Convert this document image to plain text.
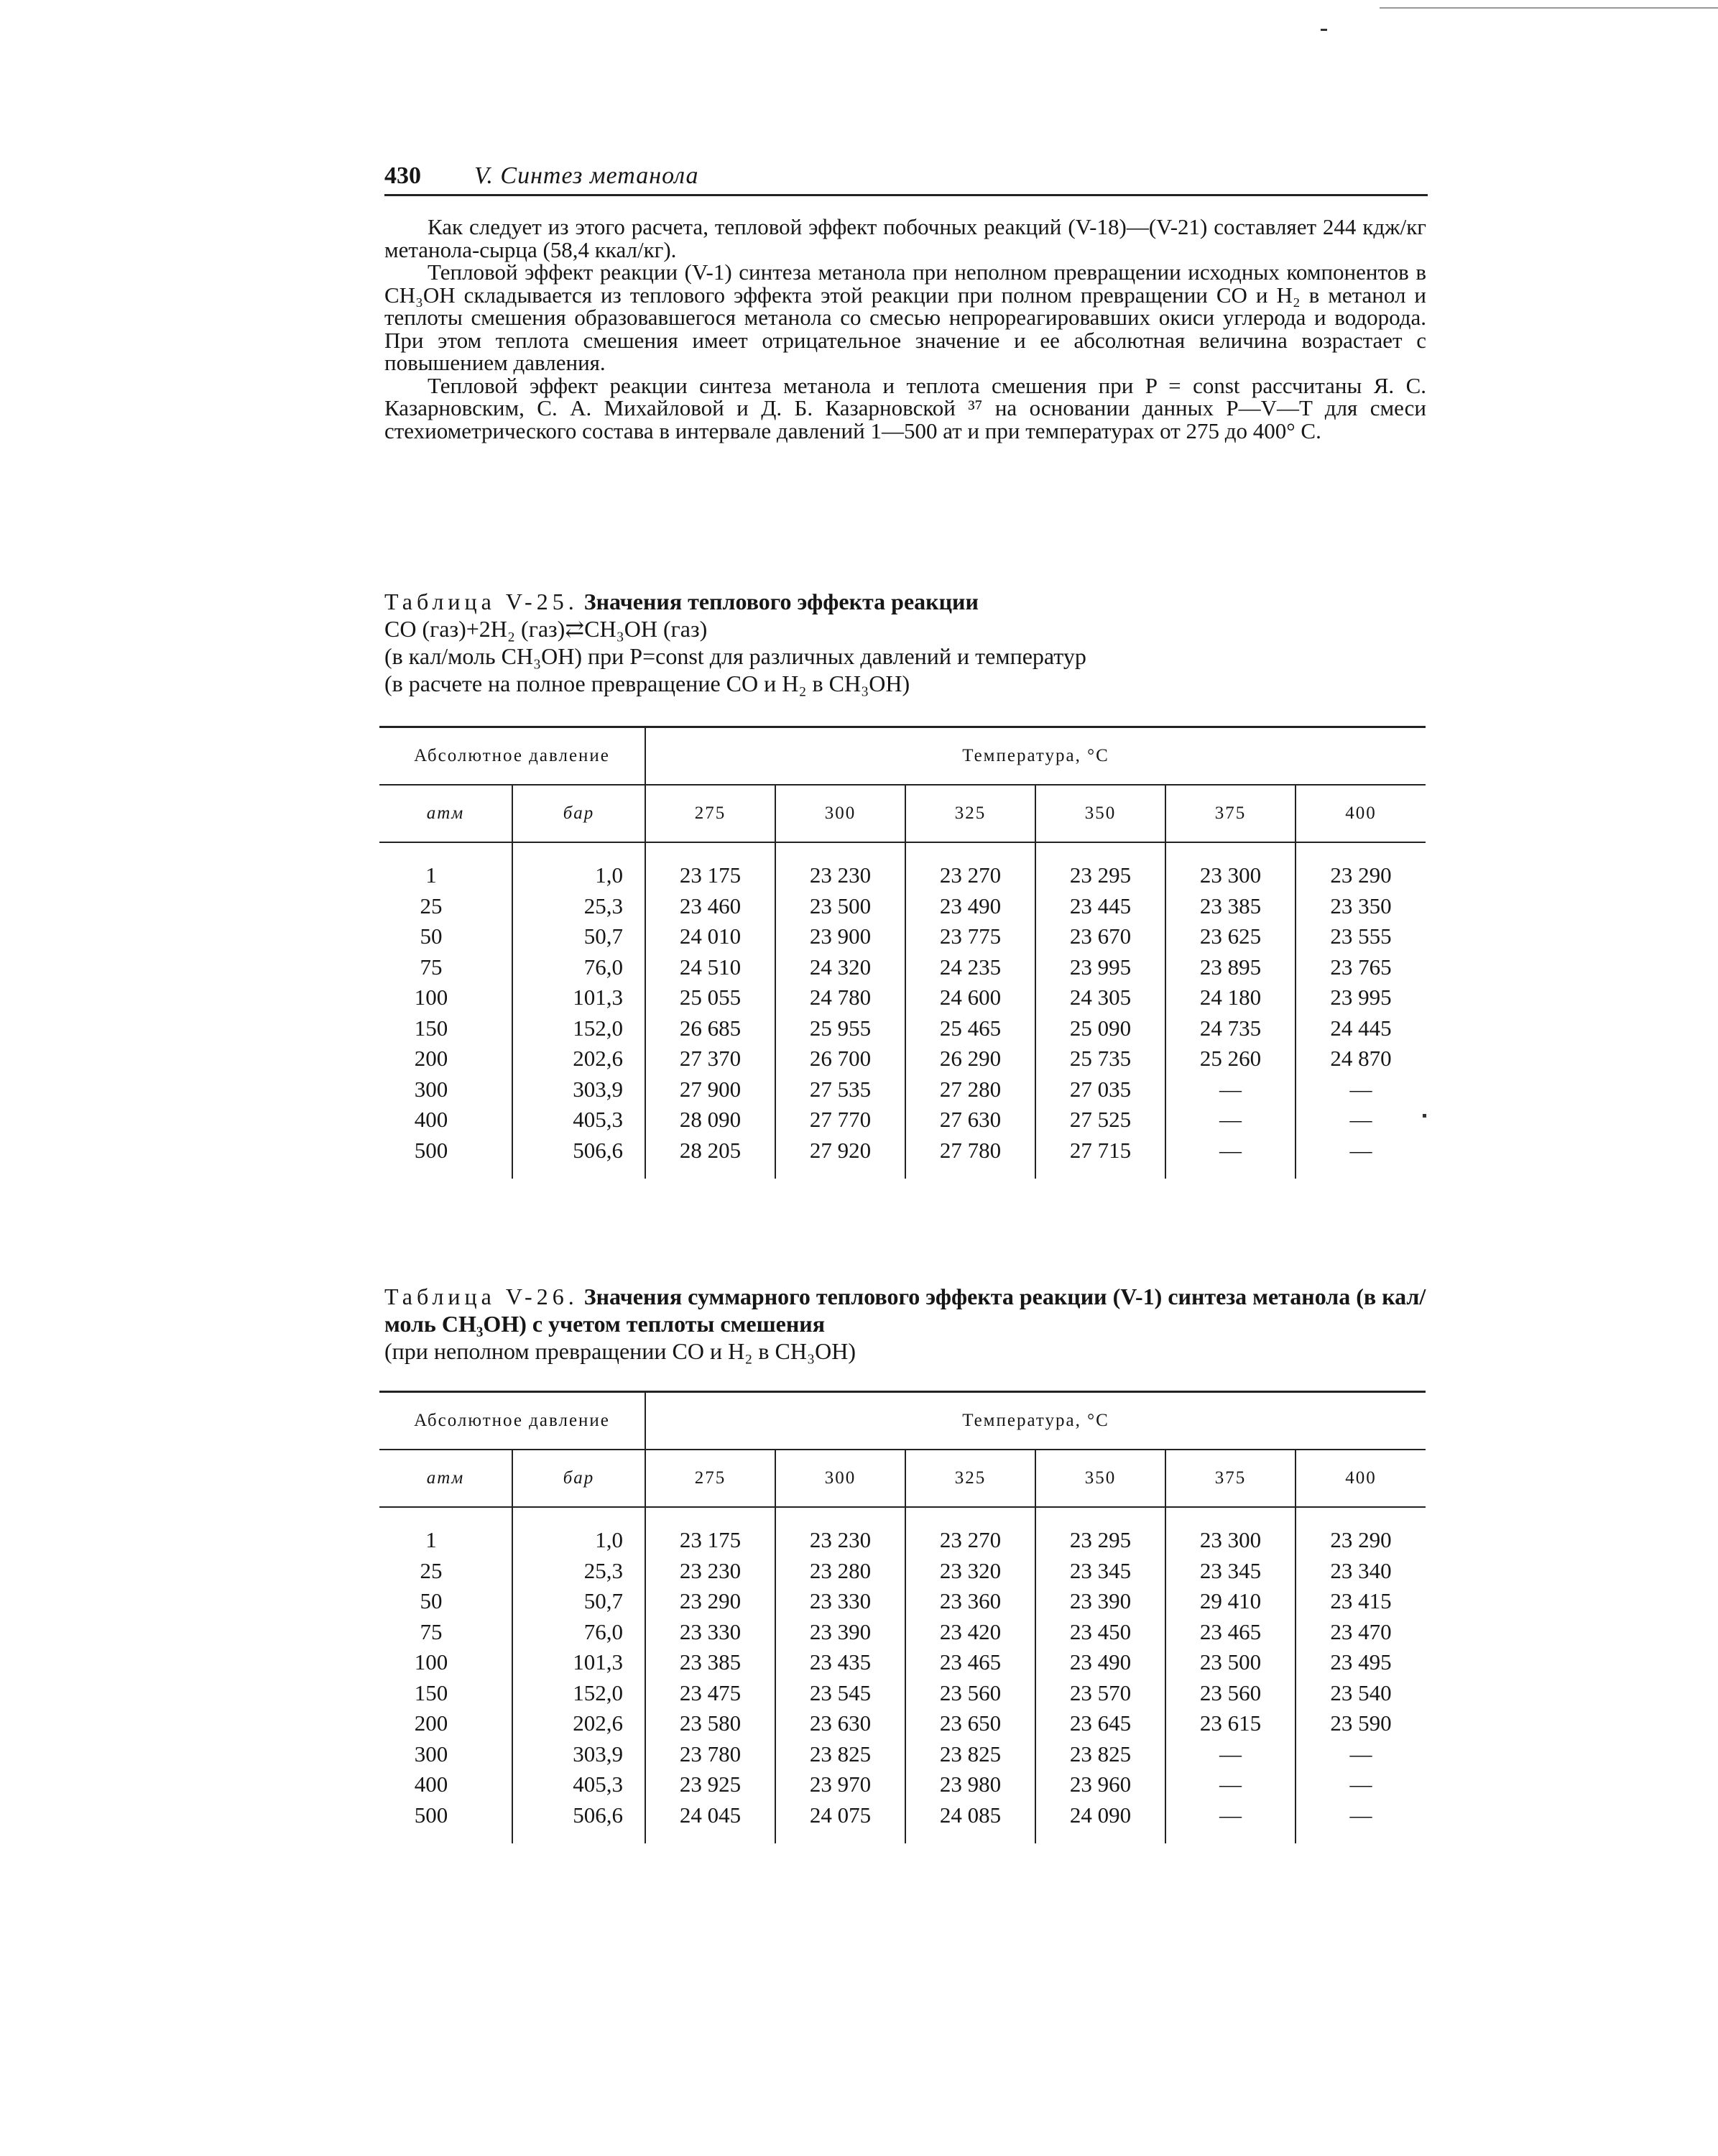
430 V. Синтез метанола

Как следует из этого расчета, тепловой эффект побочных реакций (V-18)—(V-21) составляет 244 кдж/кг метанола-сырца (58,4 ккал/кг).

Тепловой эффект реакции (V-1) синтеза метанола при неполном превращении исходных компонентов в CH₃OH складывается из теплового эффекта этой реакции при полном превращении CO и H₂ в метанол и теплоты смешения образовавшегося метанола со смесью непрореагировавших окиси углерода и водорода. При этом теплота смешения имеет отрицательное значение и ее абсолютная величина возрастает с повышением давления.

Тепловой эффект реакции синтеза метанола и теплота смешения при P = const рассчитаны Я. С. Казарновским, С. А. Михайловой и Д. Б. Казарновской ³⁷ на основании данных P—V—T для смеси стехиометрического состава в интервале давлений 1—500 ат и при температурах от 275 до 400° С.

Таблица V-25. Значения теплового эффекта реакции
CO (газ)+2H₂ (газ)⇄CH₃OH (газ)
(в кал/моль CH₃OH) при P=const для различных давлений и температур
(в расчете на полное превращение CO и H₂ в CH₃OH)
Абсолютное давление		Температура, °С					
атм	бар	275	300	325	350	375	400

1	1,0	23 175	23 230	23 270	23 295	23 300	23 290
25	25,3	23 460	23 500	23 490	23 445	23 385	23 350
50	50,7	24 010	23 900	23 775	23 670	23 625	23 555
75	76,0	24 510	24 320	24 235	23 995	23 895	23 765
100	101,3	25 055	24 780	24 600	24 305	24 180	23 995
150	152,0	26 685	25 955	25 465	25 090	24 735	24 445
200	202,6	27 370	26 700	26 290	25 735	25 260	24 870
300	303,9	27 900	27 535	27 280	27 035	—	—
400	405,3	28 090	27 770	27 630	27 525	—	—
500	506,6	28 205	27 920	27 780	27 715	—	—

Таблица V-26. Значения суммарного теплового эффекта реакции (V-1) синтеза метанола (в кал/моль CH₃OH) с учетом теплоты смешения
(при неполном превращении CO и H₂ в CH₃OH)
Абсолютное давление		Температура, °С					
атм	бар	275	300	325	350	375	400

1	1,0	23 175	23 230	23 270	23 295	23 300	23 290
25	25,3	23 230	23 280	23 320	23 345	23 345	23 340
50	50,7	23 290	23 330	23 360	23 390	29 410	23 415
75	76,0	23 330	23 390	23 420	23 450	23 465	23 470
100	101,3	23 385	23 435	23 465	23 490	23 500	23 495
150	152,0	23 475	23 545	23 560	23 570	23 560	23 540
200	202,6	23 580	23 630	23 650	23 645	23 615	23 590
300	303,9	23 780	23 825	23 825	23 825	—	—
400	405,3	23 925	23 970	23 980	23 960	—	—
500	506,6	24 045	24 075	24 085	24 090	—	—
